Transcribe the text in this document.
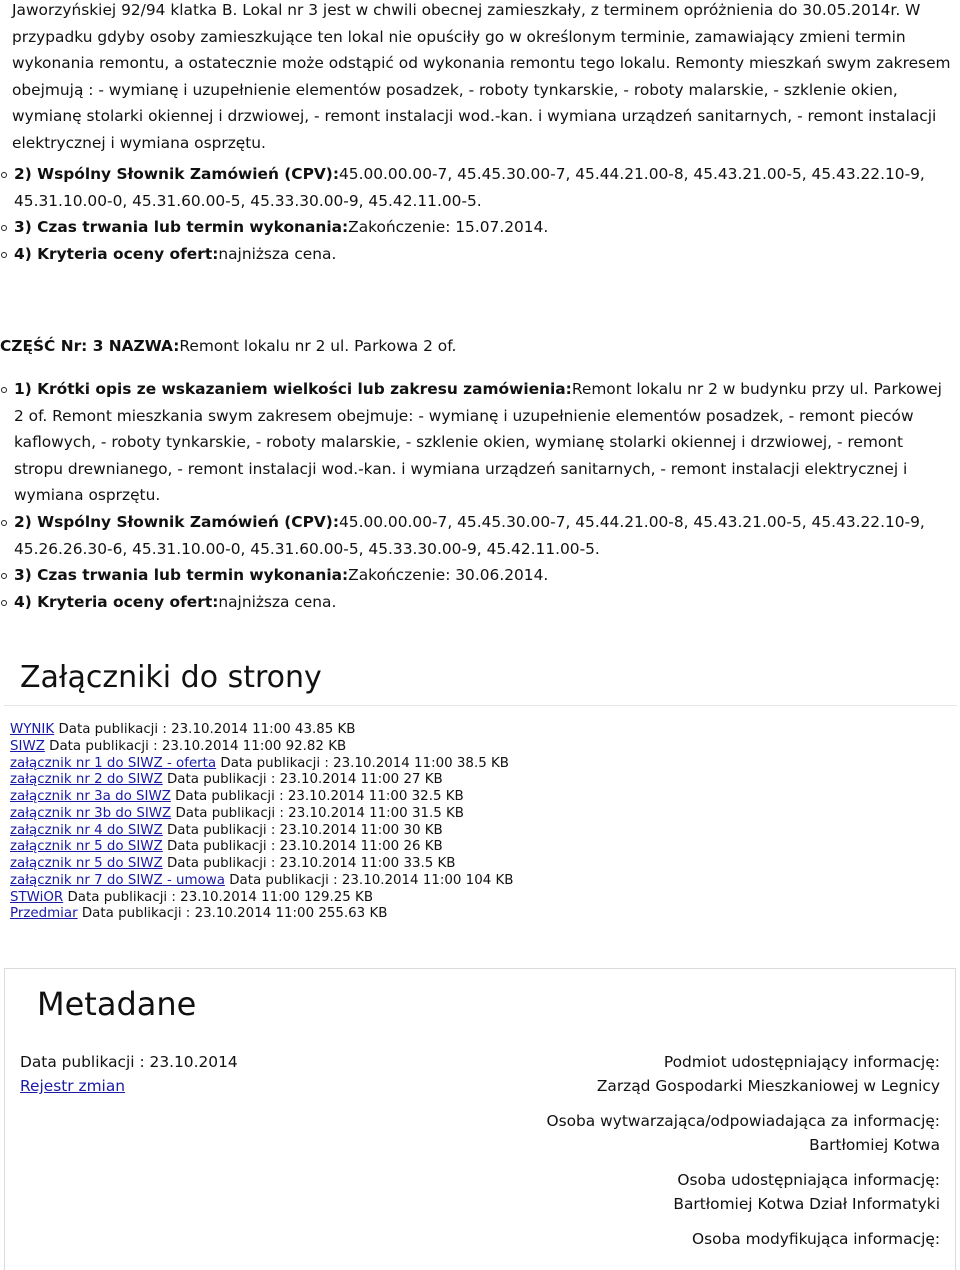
Jaworzyńskiej 92/94 klatka B. Lokal nr 3 jest w chwili obecnej zamieszkały, z terminem opróżnienia do 30.05.2014r. W przypadku gdyby osoby zamieszkujące ten lokal nie opuściły go w określonym terminie, zamawiający zmieni termin wykonania remontu, a ostatecznie może odstąpić od wykonania remontu tego lokalu. Remonty mieszkań swym zakresem obejmują : - wymianę i uzupełnienie elementów posadzek, - roboty tynkarskie, - roboty malarskie, - szklenie okien, wymianę stolarki okiennej i drzwiowej, - remont instalacji wod.-kan. i wymiana urządzeń sanitarnych, - remont instalacji elektrycznej i wymiana osprzętu.

2) Wspólny Słownik Zamówień (CPV):45.00.00.00-7, 45.45.30.00-7, 45.44.21.00-8, 45.43.21.00-5, 45.43.22.10-9, 45.31.10.00-0, 45.31.60.00-5, 45.33.30.00-9, 45.42.11.00-5.
3) Czas trwania lub termin wykonania:Zakończenie: 15.07.2014.
4) Kryteria oceny ofert:najniższa cena.

CZĘŚĆ Nr: 3 NAZWA:Remont lokalu nr 2 ul. Parkowa 2 of.

1) Krótki opis ze wskazaniem wielkości lub zakresu zamówienia:Remont lokalu nr 2 w budynku przy ul. Parkowej 2 of. Remont mieszkania swym zakresem obejmuje: - wymianę i uzupełnienie elementów posadzek, - remont pieców kaflowych, - roboty tynkarskie, - roboty malarskie, - szklenie okien, wymianę stolarki okiennej i drzwiowej, - remont stropu drewnianego, - remont instalacji wod.-kan. i wymiana urządzeń sanitarnych, - remont instalacji elektrycznej i wymiana osprzętu.
2) Wspólny Słownik Zamówień (CPV):45.00.00.00-7, 45.45.30.00-7, 45.44.21.00-8, 45.43.21.00-5, 45.43.22.10-9, 45.26.26.30-6, 45.31.10.00-0, 45.31.60.00-5, 45.33.30.00-9, 45.42.11.00-5.
3) Czas trwania lub termin wykonania:Zakończenie: 30.06.2014.
4) Kryteria oceny ofert:najniższa cena.
Załączniki do strony
WYNIK Data publikacji : 23.10.2014 11:00 43.85 KB
SIWZ Data publikacji : 23.10.2014 11:00 92.82 KB
załącznik nr 1 do SIWZ - oferta Data publikacji : 23.10.2014 11:00 38.5 KB
załącznik nr 2 do SIWZ Data publikacji : 23.10.2014 11:00 27 KB
załącznik nr 3a do SIWZ Data publikacji : 23.10.2014 11:00 32.5 KB
załącznik nr 3b do SIWZ Data publikacji : 23.10.2014 11:00 31.5 KB
załącznik nr 4 do SIWZ Data publikacji : 23.10.2014 11:00 30 KB
załącznik nr 5 do SIWZ Data publikacji : 23.10.2014 11:00 26 KB
załącznik nr 5 do SIWZ Data publikacji : 23.10.2014 11:00 33.5 KB
załącznik nr 7 do SIWZ - umowa Data publikacji : 23.10.2014 11:00 104 KB
STWiOR Data publikacji : 23.10.2014 11:00 129.25 KB
Przedmiar Data publikacji : 23.10.2014 11:00 255.63 KB
Metadane
Data publikacji : 23.10.2014
Rejestr zmian
Podmiot udostępniający informację:
Zarząd Gospodarki Mieszkaniowej w Legnicy
Osoba wytwarzająca/odpowiadająca za informację:
Bartłomiej Kotwa
Osoba udostępniająca informację:
Bartłomiej Kotwa Dział Informatyki
Osoba modyfikująca informację:
